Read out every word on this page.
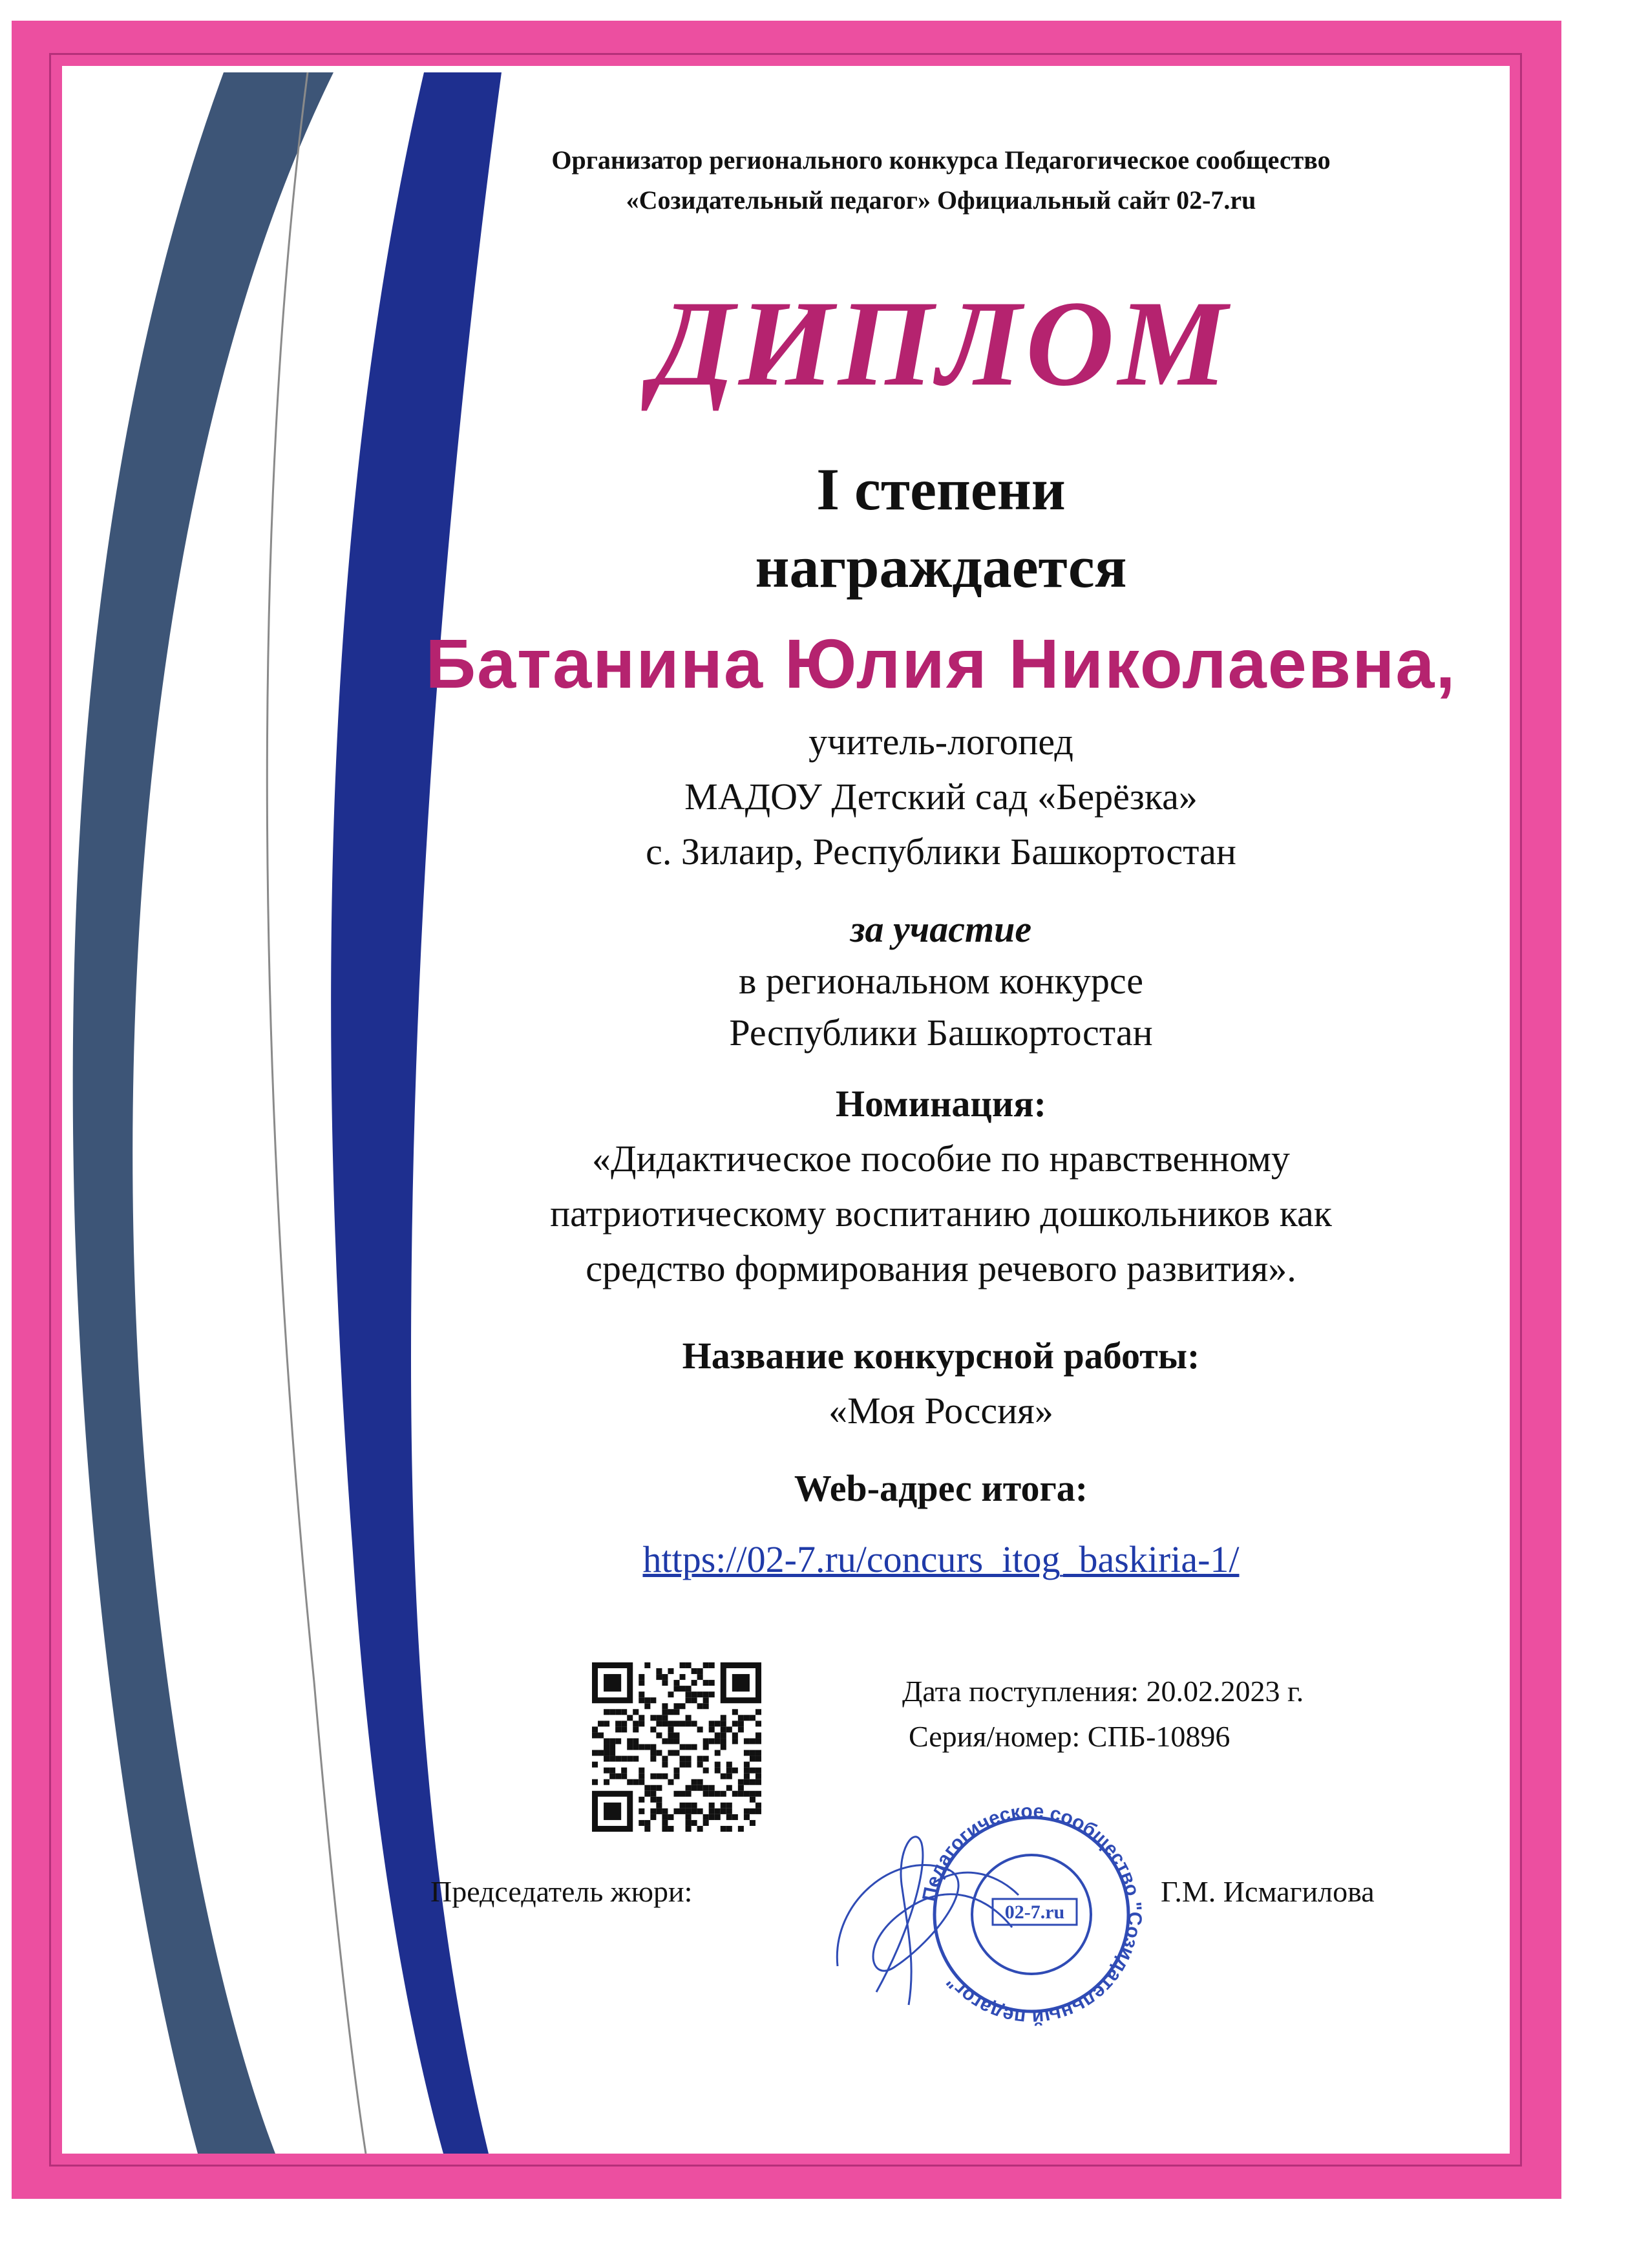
Организатор регионального конкурса Педагогическое сообщество
«Созидательный педагог» Официальный сайт 02-7.ru
ДИПЛОМ
I степени
награждается
Батанина Юлия Николаевна,
учитель-логопед
МАДОУ Детский сад «Берёзка»
с. Зилаир, Республики Башкортостан
за участие
в региональном конкурсе
Республики Башкортостан
Номинация:
«Дидактическое пособие по нравственному
патриотическому воспитанию дошкольников как
средство формирования речевого развития».
Название конкурсной работы:
«Моя Россия»
Web-адрес итога:
https://02-7.ru/concurs_itog_baskiria-1/
Дата поступления: 20.02.2023 г.
Серия/номер: СПБ-10896
Председатель жюри:	Педагогическое сообщество "Созидательный педагог"
02-7.ru
Г.М. Исмагилова
